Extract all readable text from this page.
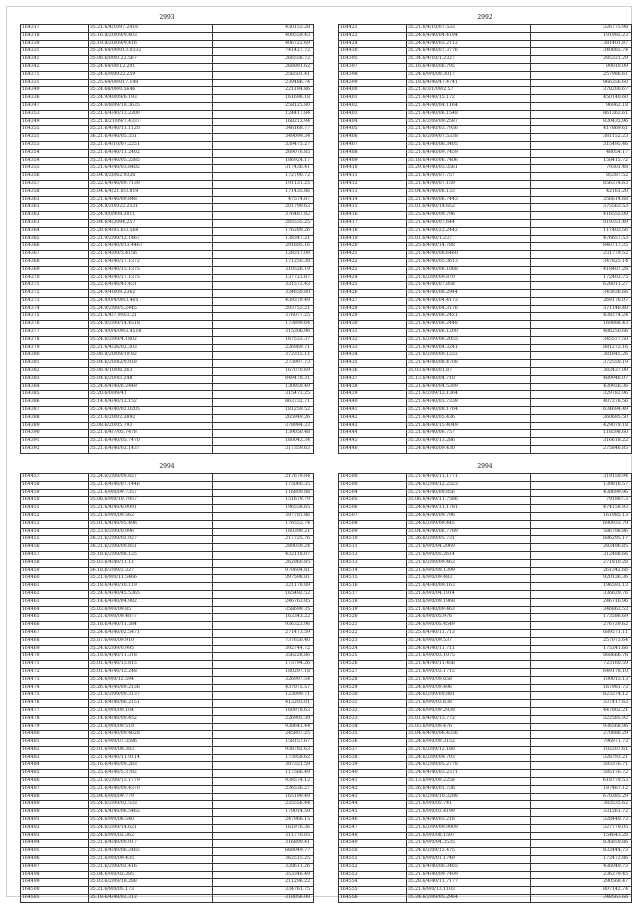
2993
164317	35.21.6/4/1097.2416	430153.28
164318	35.16.8/20/09/9.403	409559.43
164339	35.19.8/20/09/9.416	406722.69
164331	35.24.64/09/013.0332	741427.72
164341	35.06.6/09/0.22.567	266558.72
164342	35.24.64/09/12.291	268991.62
164371	35.24.6/9/0922.259	256501.41
164331	35.25.64/09/017.148	239486.74
164349	35.24.68/09/0.5646	221184.86
164336	35.24.9/40/09/6.193	161696.18
164347	35.24.6/8/09/18.3635	258125.80
164353	35.21.6/4/40/13.2300	124417.84
164349	35.21.8/21/09/7.4337	168213.94
164355	35.21.6/4/40/11.1120	346168.77
164351	36.21.6/4/40/05.351	349099.34
164353	35.21.6/4/10/07.2251	339475.27
164354	35.21.6/4/40/11.2402	269076.85
164354	35.21.6/4/40/05.2385	186924.17
164355	35.21.6/4/40/03.8402	317436.41
164356	35.04.8/20/62.9326	172790.72
164357	35.22.6/4/40/09.7139	191131.25
164358	35.04.6/4/21.0/3.819	171435.86
164363	35.21.6/4/40/09.848	47574.87
164361	35.24.8/20/022.2531	201799.63
164362	35.24.9/0/908.3011	376487.82
164363	35.04.6/4/2094.257	285535.25
164364	35.28.6/4/05.6/3.568	176289.26
164365	35.21.9/2/09/12.1467	138347.21
164366	35.21.6/4/40/013.4467	291695.16
164367	35.21.6/4/09/5.4156	128317.09
164368	35.21.6/4/40/17.1372	171250.38
164369	35.21.6/4/40/13.1375	310526.19
164370	35.21.6/4/40/17.1375	137723.87
164371	35.22.6/4/40/41.431	331573.43
164372	35.24.9/40/09.2362	334650.80
164373	35.24.9/0/4/09/3.405	439379.49
164374	35.24.9/2/09/5.2445	293752.21
164375	35.21.6/4/7.9/0/3.21	376077.25
164376	35.24.9/2/09/14.4518	173899.64
164377	35.24.9/0/4/09/3.4518	315306.96
164378	35.24.6/2/09/4.1802	167533.37
164379	35.21.6/4/26/02.303	226969.71
164380	35.06.8/20/09/19.82	372315.11
164381	35.04.6/20/42/9.918	273997.73
164382	35.06.4/10/06.263	167070.69
164383	35.04.6/20/45.248	849478.31
164384	35.24.6/4/40/6.2449	130959.49
164385	35.20.6/0/09/41	315473.25
164386	35.14.6/4/40/12.152	863732.71
164387	35.24.6/4/40/02.0205	181259.52
164388	35.21.6/20/02.3892	265949.26
164389	35.08.6/20/05.793	378984.33
164390	35.21.6/4/7/05.7478	139050.48
164391	35.21.6/4/40/05.7470	160043.34
164392	35.21.6/4/40/02.1437	317359.63
2992
164421	35.21.6/4/10/07.533	326775.98
164423	35.24.6/4/40/04.4194	191992.23
164424	35.24.6/4/40/03.2112	381401.87
164430	35.24.6/4/40/07.3776	340883.74
164395	35.34.6/4/10/1.2327	285321.29
164397	35.16.6/4/40/06.795	99010.09
164398	35.24.6/9/0/09.3017	257986.61
164399	35.18.6/4/40/47.4741	866356.60
164400	35.21.6/3/1/09/2.57	378200.67
164401	35.21.6/4/40/15.172	450140.60
164402	35.21.6/4/40/04.1164	96962.18
164403	35.21.6/4/40/06.1548	861362.61
164404	35.21.6/2/09/09.2587	830435.96
164405	35.21.6/4/40/03.7936	417869.61
164406	35.21.6/2/09/07.5338	381152.23
164407	35.21.6/4/40/06.3405	315495.46
164408	35.21.6/4/40/09.7459	48054.17
164409	35.18.6/4/40/06.7406	158415.72
164410	35.29.6/4/40/03.3561	79301.48
164411	35.21.6/4/40/07.757	85387.52
164412	35.21.6/4/40/07.159	656374.63
164413	35.04.6/4/40/06.133	42161.20
164414	35.21.6/4/40/06.7443	356614.68
164415	35.01.6/4/40/14.652	375563.53
164416	35.25.6/4/40/09.796	416555.09
164417	35.21.6/4/40/07.644	919351.49
164418	35.21.6/4/40/22.2442	117403.56
164419	35.01.6/4/40/1.237	476657.53
164420	35.25.6/4/40/14.788	840717.35
164421	35.21.6/4/40/08.6460	231779.52
164422	35.21.6/4/40/05.3613	347825.14
164423	35.21.6/4/40/06.1068	418407.28
164424	35.21.6/2/09/09.870	172403.75
164425	35.21.6/4/40/07.858	628011.27
164426	35.21.6/4/40/08.2944	345836.66
164427	35.24.6/4/40/04.4173	269176.07
164428	35.21.6/4/40/04.3176	371146.40
164429	35.21.6/4/40/06.2421	438374.24
164430	35.21.6/4/40/06.2448	169888.43
164431	35.21.6/4/40/06.1200	486250.66
164432	35.21.6/2/09/06.2055	345577.50
164433	35.21.6/4/40/04.3241	881272.16
164434	35.21.6/2/09/09.1222	381845.26
164435	35.21.6/4/40/08.4708	372550.19
164436	35.03.6/4/40/01.87	382437.00
164437	35.13.6/4/40/04.710	489946.07
164438	35.21.6/4/40/04.5399	439926.36
164439	35.21.6/2/09/12.1364	329782.96
164440	35.21.6/4/40/03.7338	407276.56
164441	35.21.6/4/40/08.1764	634694.49
164442	35.21.6/4/40/05.436	360695.50
164443	35.21.6/4/40/15.4049	429079.18
164444	35.21.6/4/40/06.757	118598.60
164445	35.20.6/4/40/13.286	316618.22
164446	35.24.6/4/40/09.430	275846.85
2994
164457	35.24.6/2/09/09.827	217679.84
164458	35.21.6/4/40/07.1446	175060.35
164459	35.21.6/9/0/09.7357	116809.88
164450	35.06.6/9/0/10.7957	151679.79
164451	35.21.6/4/40/6.9991	196558.65
164452	35.21.6/9/0/09.562	397781.86
164453	35.01.6/4/40/05.496	176552.74
164454	35.23.6/2/09/0.996	160399.21
164455	36.21.6/2/09/02.927	217725.76
164456	36.21.6/2/09/09.851	289039.24
164457	35.18.6/2/09/08.125	432118.07
164458	35.03.6/4/40/11.11	262960.85
164459	36.18.6/2/09/2.327	970604.81
164460	35.21.6/9/0/11.5466	397598.81
164461	35.18.6/4/40/10.119	321178.89
164462	35.24.6/4/40/45.5365	165492.52
164463	35.14.6/4/40/04.982	246763.85
164464	35.03.6/9/0/09.85	358699.35
164465	35.21.6/9/0/09.4877	163343.22
164466	35.18.6/4/40/11.384	936323.96
164467	35.24.6/4/40/02.5471	271473.59
164468	35.07.6/9/0/09.910	737650.40
164469	35.24.6/2/09/0.995	392744.72
164470	35.18.6/4/40/11.318	356228.86
164471	35.01.6/4/40/13.815	173794.26
164472	35.01.6/4/40/12.248	180297.18
164473	35.24.6/9/0/12.594	326997.54
164474	35.26.6/4/40/09.2136	437075.57
164475	35.21.6/2/09/09.3137	123099.71
164476	35.21.6/4/40/06.2151	413203.01
164477	35.21.6/9/0/09.104	160978.63
164478	35.14.6/4/40/09.452	226905.39
164479	35.21.6/9/0/09.519	938641.44
164480	35.21.6/4/40/09.4628	245807.25
164481	35.21.6/9/0/07.3596	158157.67
164482	35.01.6/9/0/09.383	938782.63
164483	35.21.6/4/40/11.9114	173958.62
164484	35.16.6/4/40/09.283	387321.59
164485	35.25.6/4/40/5.3782	117566.49
164486	35.21.6/2/09/13.1779	938574.12
164487	35.21.6/4/40/09.4370	236536.27
164488	35.04.6/9/0/09.779	165199.49
164489	35.24.6/2/09/02.533	235556.44
164490	35.24.6/4/40/06.5465	179014.50
164491	35.24.6/9/0/06.540	247966.15
164492	35.24.6/2/09/14.621	161976.36
164493	35.24.6/9/0/02.362	311770.05
164494	35.21.6/4/40/09.917	316899.41
164495	35.21.6/4/40/06.2465	668049.77
164496	35.21.6/9/0/09.435	362515.25
164497	35.21.6/2/09/02.416	328611.26
164498	35.04.6/9/0/02.385	353346.49
164499	35.03.6/2/09/18.288	211296.22
164500	35.21.6/9/0/05.173	334761.75
164501	35.18.6/4/40/02.312	318056.00
2994
164500	35.21.6/4/40/11.1771	319159.94
164500	35.24.6/2/09/12.2323	139816.57
164504	35.21.6/4/40/09.856	438699.96
164505	35.06.6/4/40/11.7586	791887.3
164506	35.24.6/4/40/11.1781	474158.93
164507	35.24.6/4/40/09.796	161985.13
164508	35.24.6/2/09/09.445	690933.79
164509	35.04.6/4/40/06.7789	586798.86
164510	35.26.6/2/09/05.731	686295.17
164511	35.21.6/9/0/04.2969	282496.85
164512	35.21.6/9/0/05.2614	312488.66
164513	35.21.6/2/09/09.463	271810.28
164514	35.21.6/9/0/09.1399	261342.66
164515	35.21.6/9/0/09.483	920136.36
164516	35.21.6/4/40/09.163	196593.13
164517	35.21.6/9/0/04.1914	336629.76
164518	35.18.6/9/0/09.1968	246716.96
164519	35.21.6/4/40/09.463	346863.53
164520	35.24.6/9/0/05.976	173586.69
164521	35.24.6/9/0/05.4549	276739.62
164522	35.25.6/4/40/11.713	689571.11
164523	35.24.6/9/0/09.537	257073.64
164524	35.24.6/4/40/11.711	175341.66
164525	35.21.6/9/0/03.1075	868666.76
164526	35.21.6/4/40/11.456	723160.59
164527	35.21.6/9/0/03.1715	649178.10
164528	35.21.6/9/0/09.658	109013.13
164529	35.24.6/9/0/09.496	167981.73
164530	35.24.6/2/09/09.881	823274.12
164531	35.21.6/9/0/03.638	337417.63
164532	35.24.6/9/0/09.2939	447802.21
164533	35.01.6/4/40/13.772	322585.92
164534	35.05.6/9/0/09.476	936568.96
164535	35.04.6/4/40/06.4336	270886.29
164536	35.24.6/9/0/09.3152	796971.73
164537	35.21.6/2/09/12.180	102207.61
164538	35.24.6/2/09/09.793	328793.21
164539	35.24.6/2/09/05.2778	593376.71
164540	35.24.6/4/40/03.2371	585176.72
164541	35.13.6/9/0/09.2258	618779.53
164542	35.26.6/4/40/01.736	187467.12
164543	35.21.6/2/09/10.3298	670385.29
164544	35.21.6/9/0/05.741	383535.62
164545	35.21.6/9/0/03.4199	331261.72
164546	35.21.6/4/40/03.218	328449.73
164547	35.21.6/2/09/09.9909	327779.05
164548	35.21.6/9/0/08.1597	154643.28
164549	35.21.6/9/0/04.3535	836859.86
164550	35.24.6/2/09/12.475	832444.73
164551	35.21.6/9/0/01.1749	172472.86
164552	35.21.6/4/40/06.3465	436049.73
164553	35.21.6/4/40/09.7409	236379.45
164554	35.28.6/4/40/11.7177	290568.47
164555	35.21.6/9/0/13.1103	807142.74
164556	35.24.6/2/09/05.2964	348563.66
